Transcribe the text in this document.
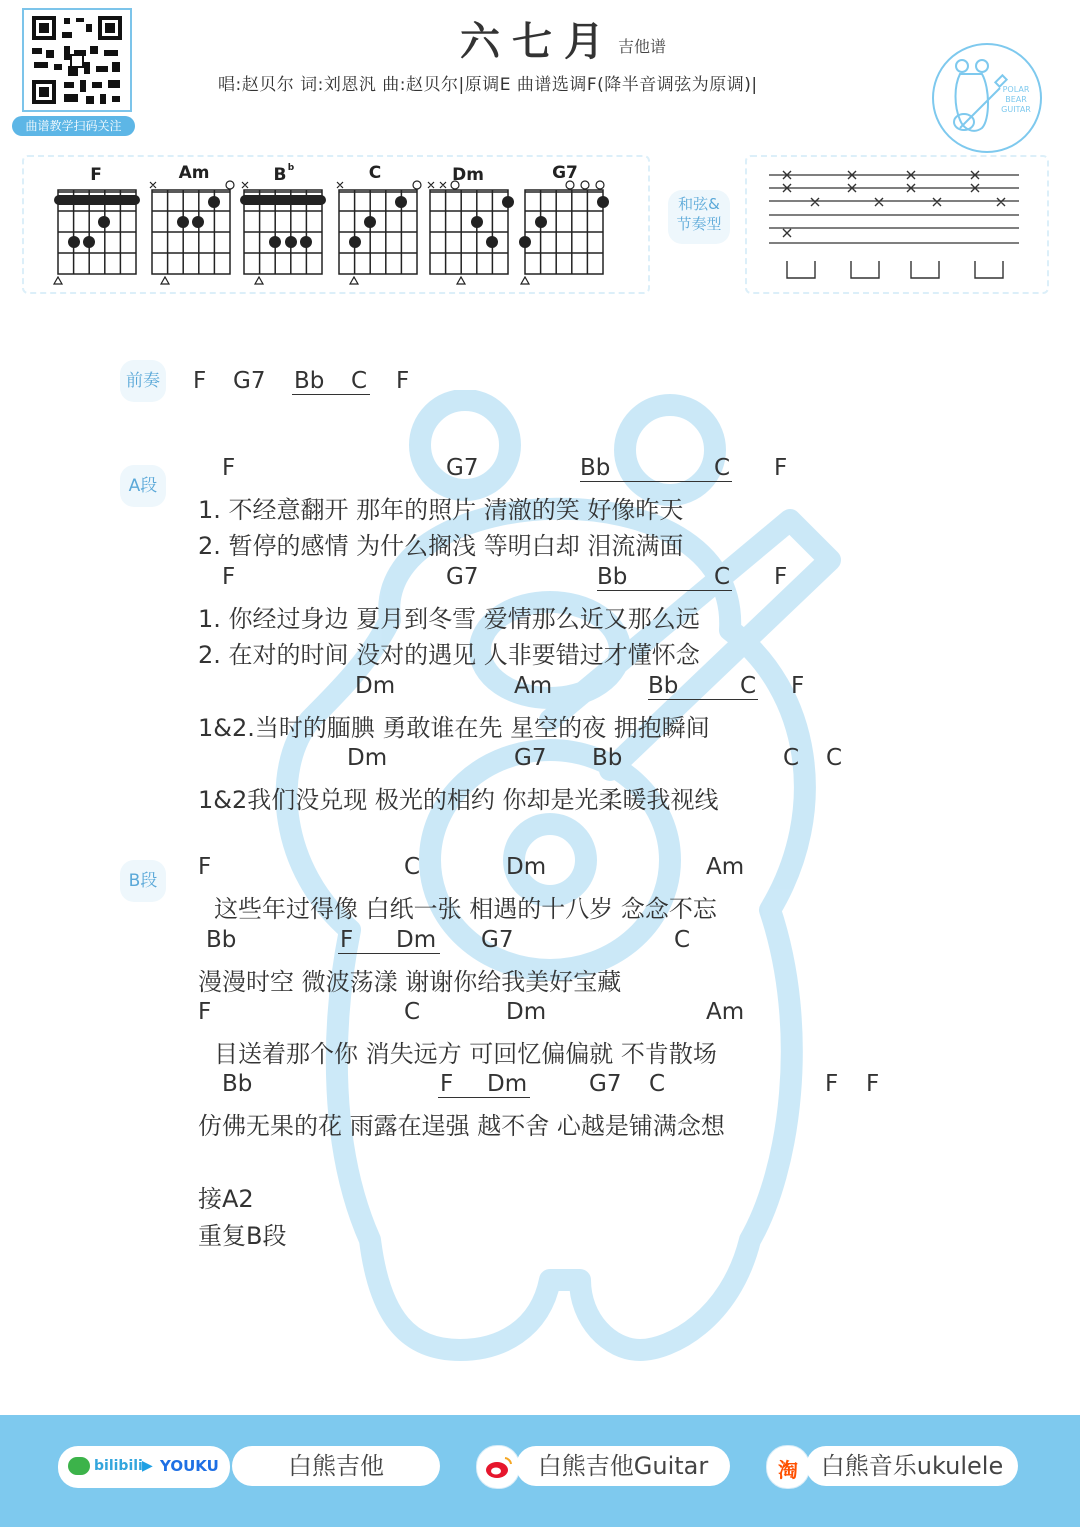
曲谱教学扫码关注
六七月 吉他谱
唱:赵贝尔 词:刘恩汎 曲:赵贝尔|原调E 曲谱选调F(降半音调弦为原调)|	POLAR
BEAR
GUITAR
F	Am	B b	C	Dm	G7
和弦&
节奏型
前奏 F G7 Bb C F
A段
F	G7	Bb	C F
1. 不经意翻开 那年的照片 清澈的笑 好像昨天
2. 暂停的感情 为什么搁浅 等明白却 泪流满面
F	G7	Bb	C F
1. 你经过身边 夏月到冬雪 爱情那么近又那么远
2. 在对的时间 没对的遇见 人非要错过才懂怀念
Dm	Am	Bb	C F
1&2.当时的腼腆 勇敢谁在先 星空的夜 拥抱瞬间
Dm	G7 Bb	C C
1&2我们没兑现 极光的相约 你却是光柔暖我视线
B段
F	C	Dm	Am
这些年过得像 白纸一张 相遇的十八岁 念念不忘
Bb	F Dm G7	C
漫漫时空 微波荡漾 谢谢你给我美好宝藏
F	C	Dm	Am
目送着那个你 消失远方 可回忆偏偏就 不肯散场
Bb	F Dm	G7 C	F F
仿佛无果的花 雨露在逞强 越不舍 心越是铺满念想
接A2
重复B段
bilibili ▶ YOUKU	白熊吉他	白熊吉他Guitar	淘 白熊音乐ukulele
